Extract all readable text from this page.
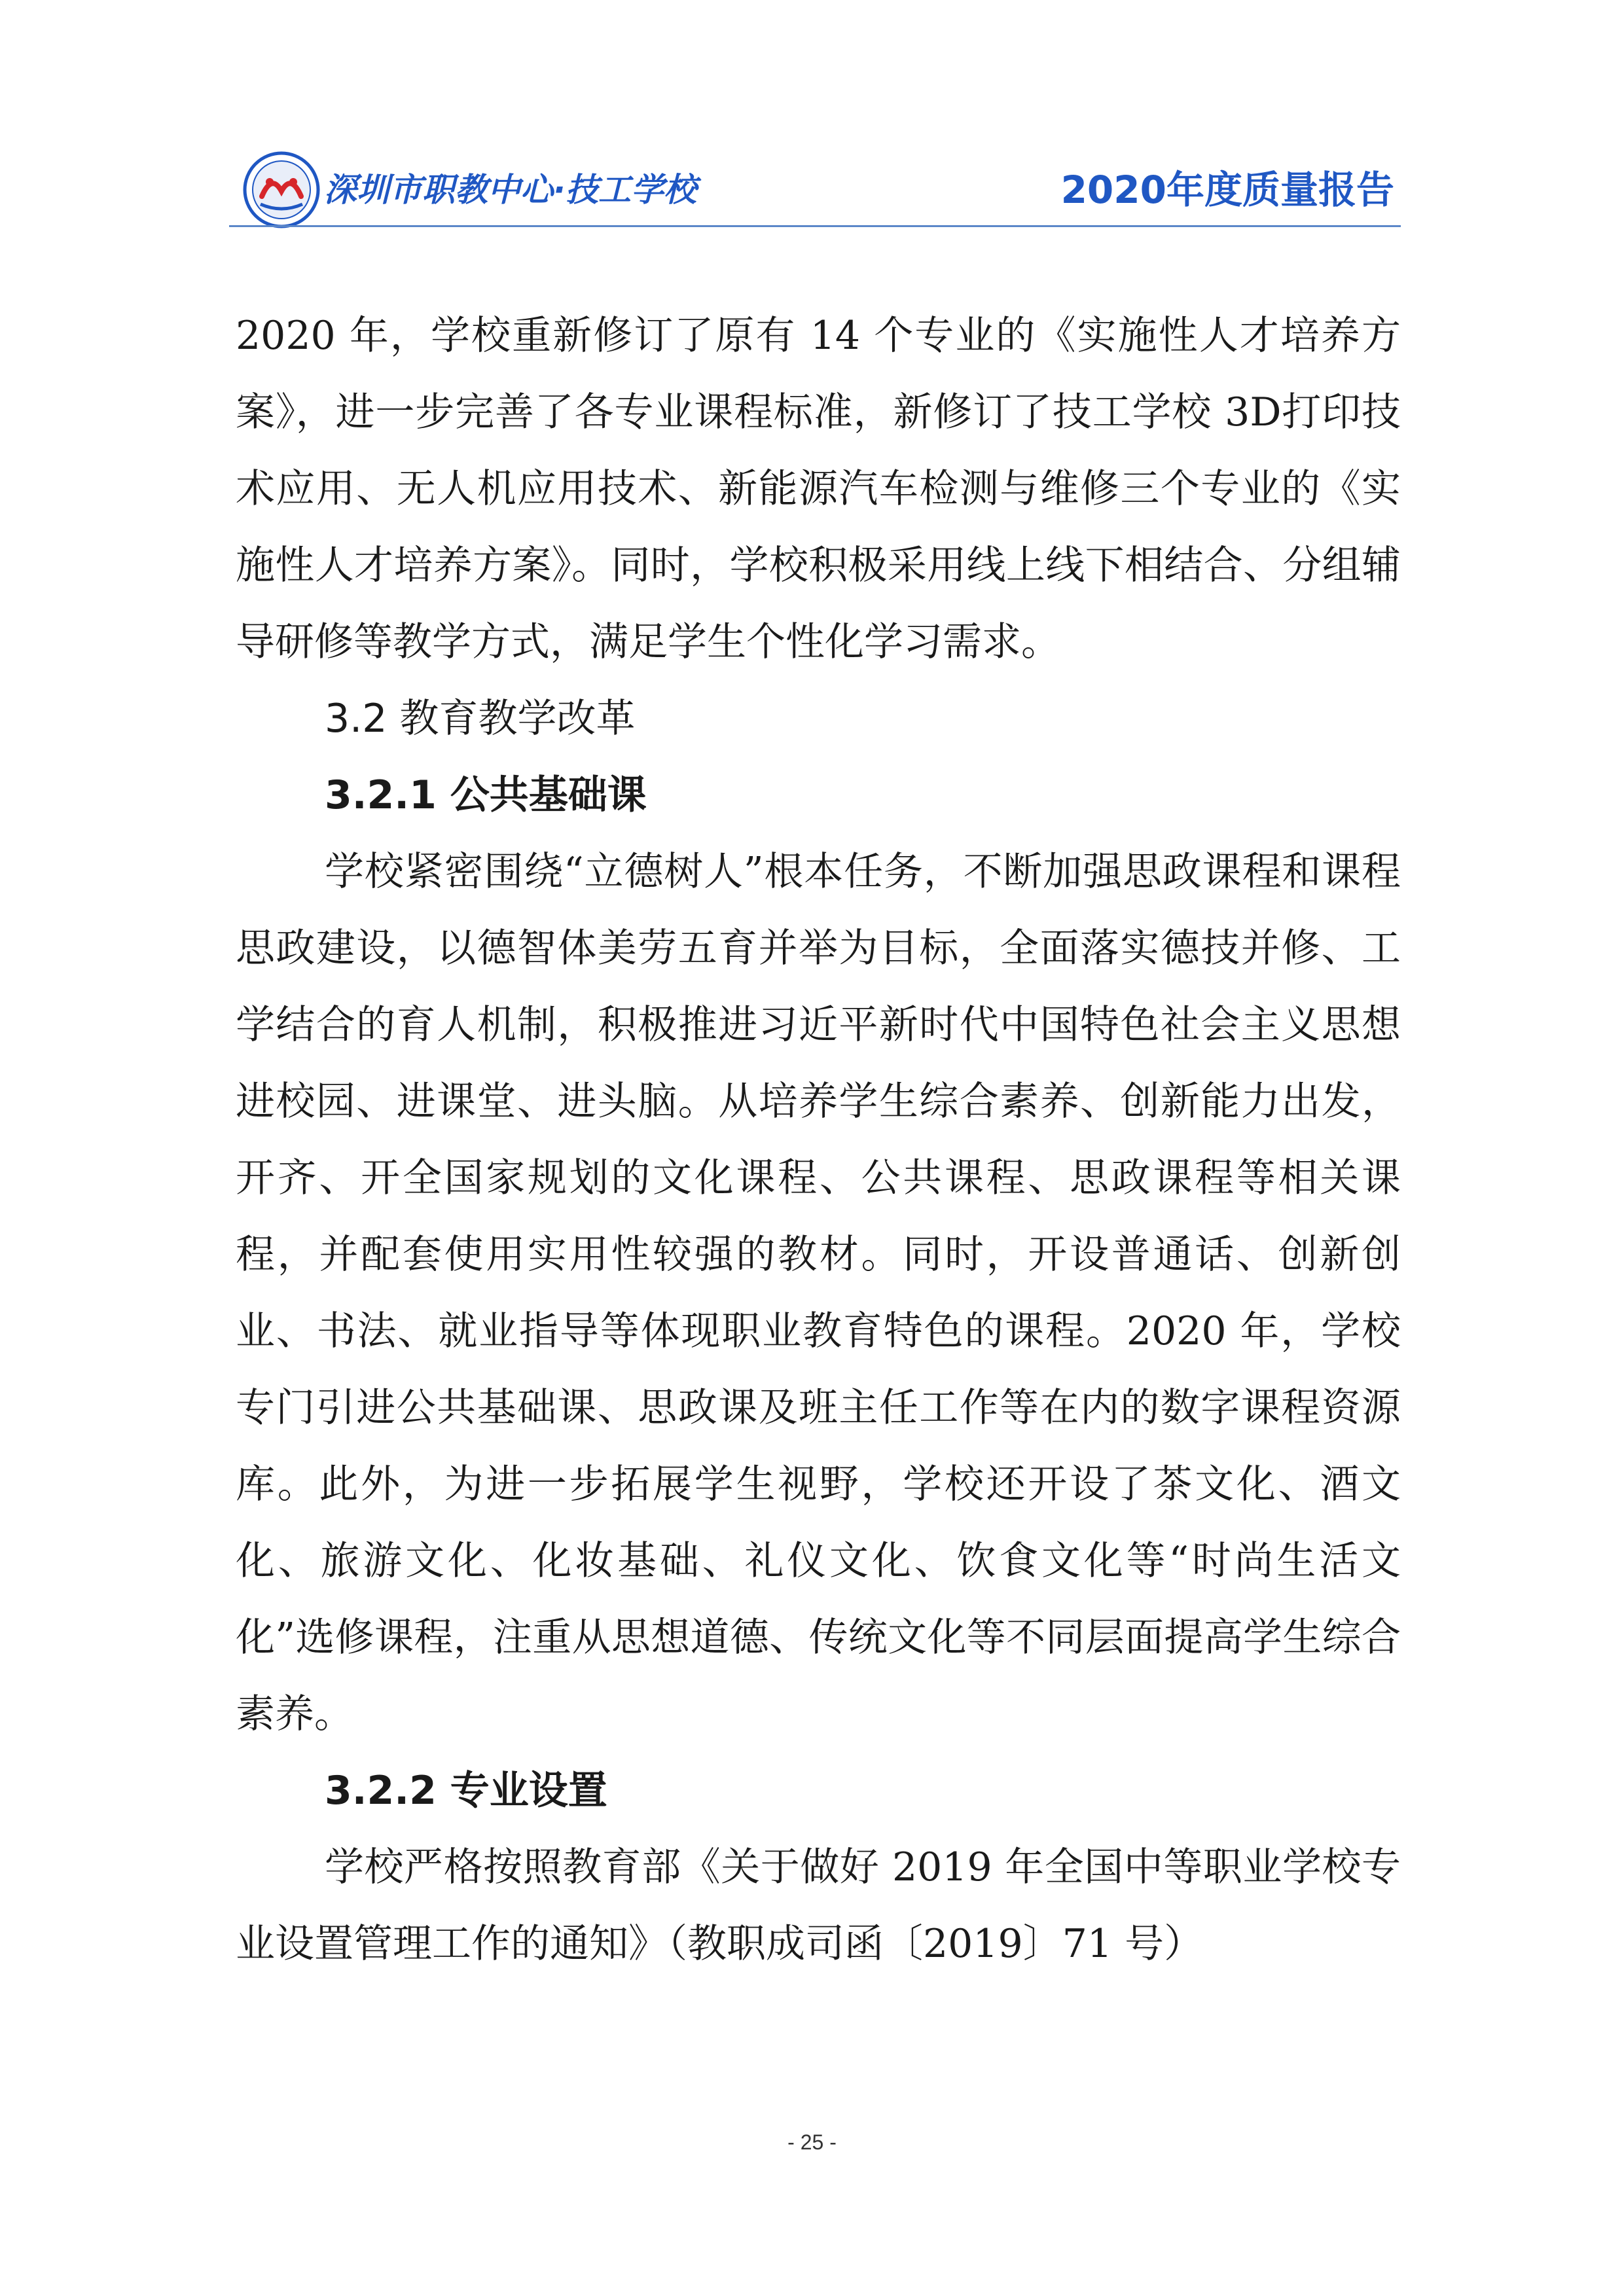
深圳市职教中心·技工学校	2020年度质量报告

2020 年，学校重新修订了原有 14 个专业的《实施性人才培养方案》，进一步完善了各专业课程标准，新修订了技工学校 3D打印技术应用、无人机应用技术、新能源汽车检测与维修三个专业的《实施性人才培养方案》。同时，学校积极采用线上线下相结合、分组辅导研修等教学方式，满足学生个性化学习需求。

3.2 教育教学改革

3.2.1 公共基础课

学校紧密围绕“立德树人”根本任务，不断加强思政课程和课程思政建设，以德智体美劳五育并举为目标，全面落实德技并修、工学结合的育人机制，积极推进习近平新时代中国特色社会主义思想进校园、进课堂、进头脑。从培养学生综合素养、创新能力出发，开齐、开全国家规划的文化课程、公共课程、思政课程等相关课程，并配套使用实用性较强的教材。同时，开设普通话、创新创业、书法、就业指导等体现职业教育特色的课程。2020 年，学校专门引进公共基础课、思政课及班主任工作等在内的数字课程资源库。此外，为进一步拓展学生视野，学校还开设了茶文化、酒文化、旅游文化、化妆基础、礼仪文化、饮食文化等“时尚生活文化”选修课程，注重从思想道德、传统文化等不同层面提高学生综合素养。

3.2.2 专业设置

学校严格按照教育部《关于做好 2019 年全国中等职业学校专业设置管理工作的通知》（教职成司函〔2019〕71 号）

- 25 -
